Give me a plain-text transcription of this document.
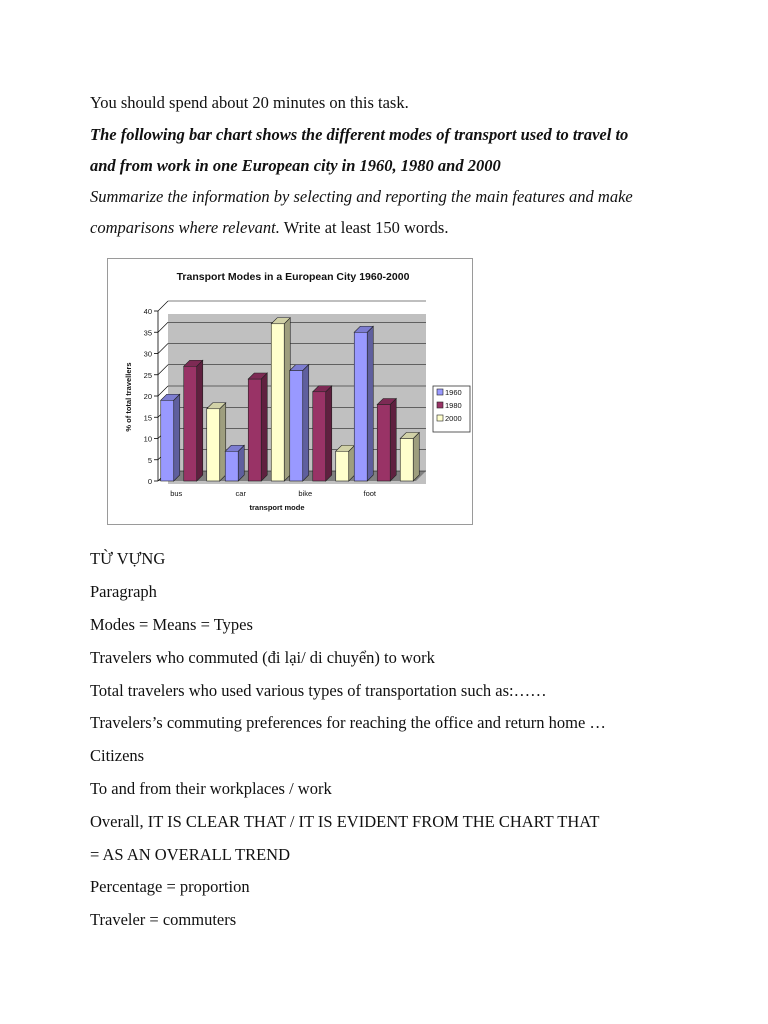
You should spend about 20 minutes on this task.
The following bar chart shows the different modes of transport used to travel to
and from work in one European city in 1960, 1980 and 2000
Summarize the information by selecting and reporting the main features and make
comparisons where relevant. Write at least 150 words.
0
5
10
15
20
25
30
35
40
bus	car	bike	foot
Transport Modes in a European City 1960-2000
% of total travellers
transport mode
1960
1980
2000
TỪ VỰNG
Paragraph
Modes = Means = Types
Travelers who commuted (đi lại/ di chuyển) to work
Total travelers who used various types of transportation such as:……
Travelers’s commuting preferences for reaching the office and return home …
Citizens
To and from their workplaces / work
Overall, IT IS CLEAR THAT / IT IS EVIDENT FROM THE CHART THAT
= AS AN OVERALL TREND
Percentage = proportion
Traveler = commuters
